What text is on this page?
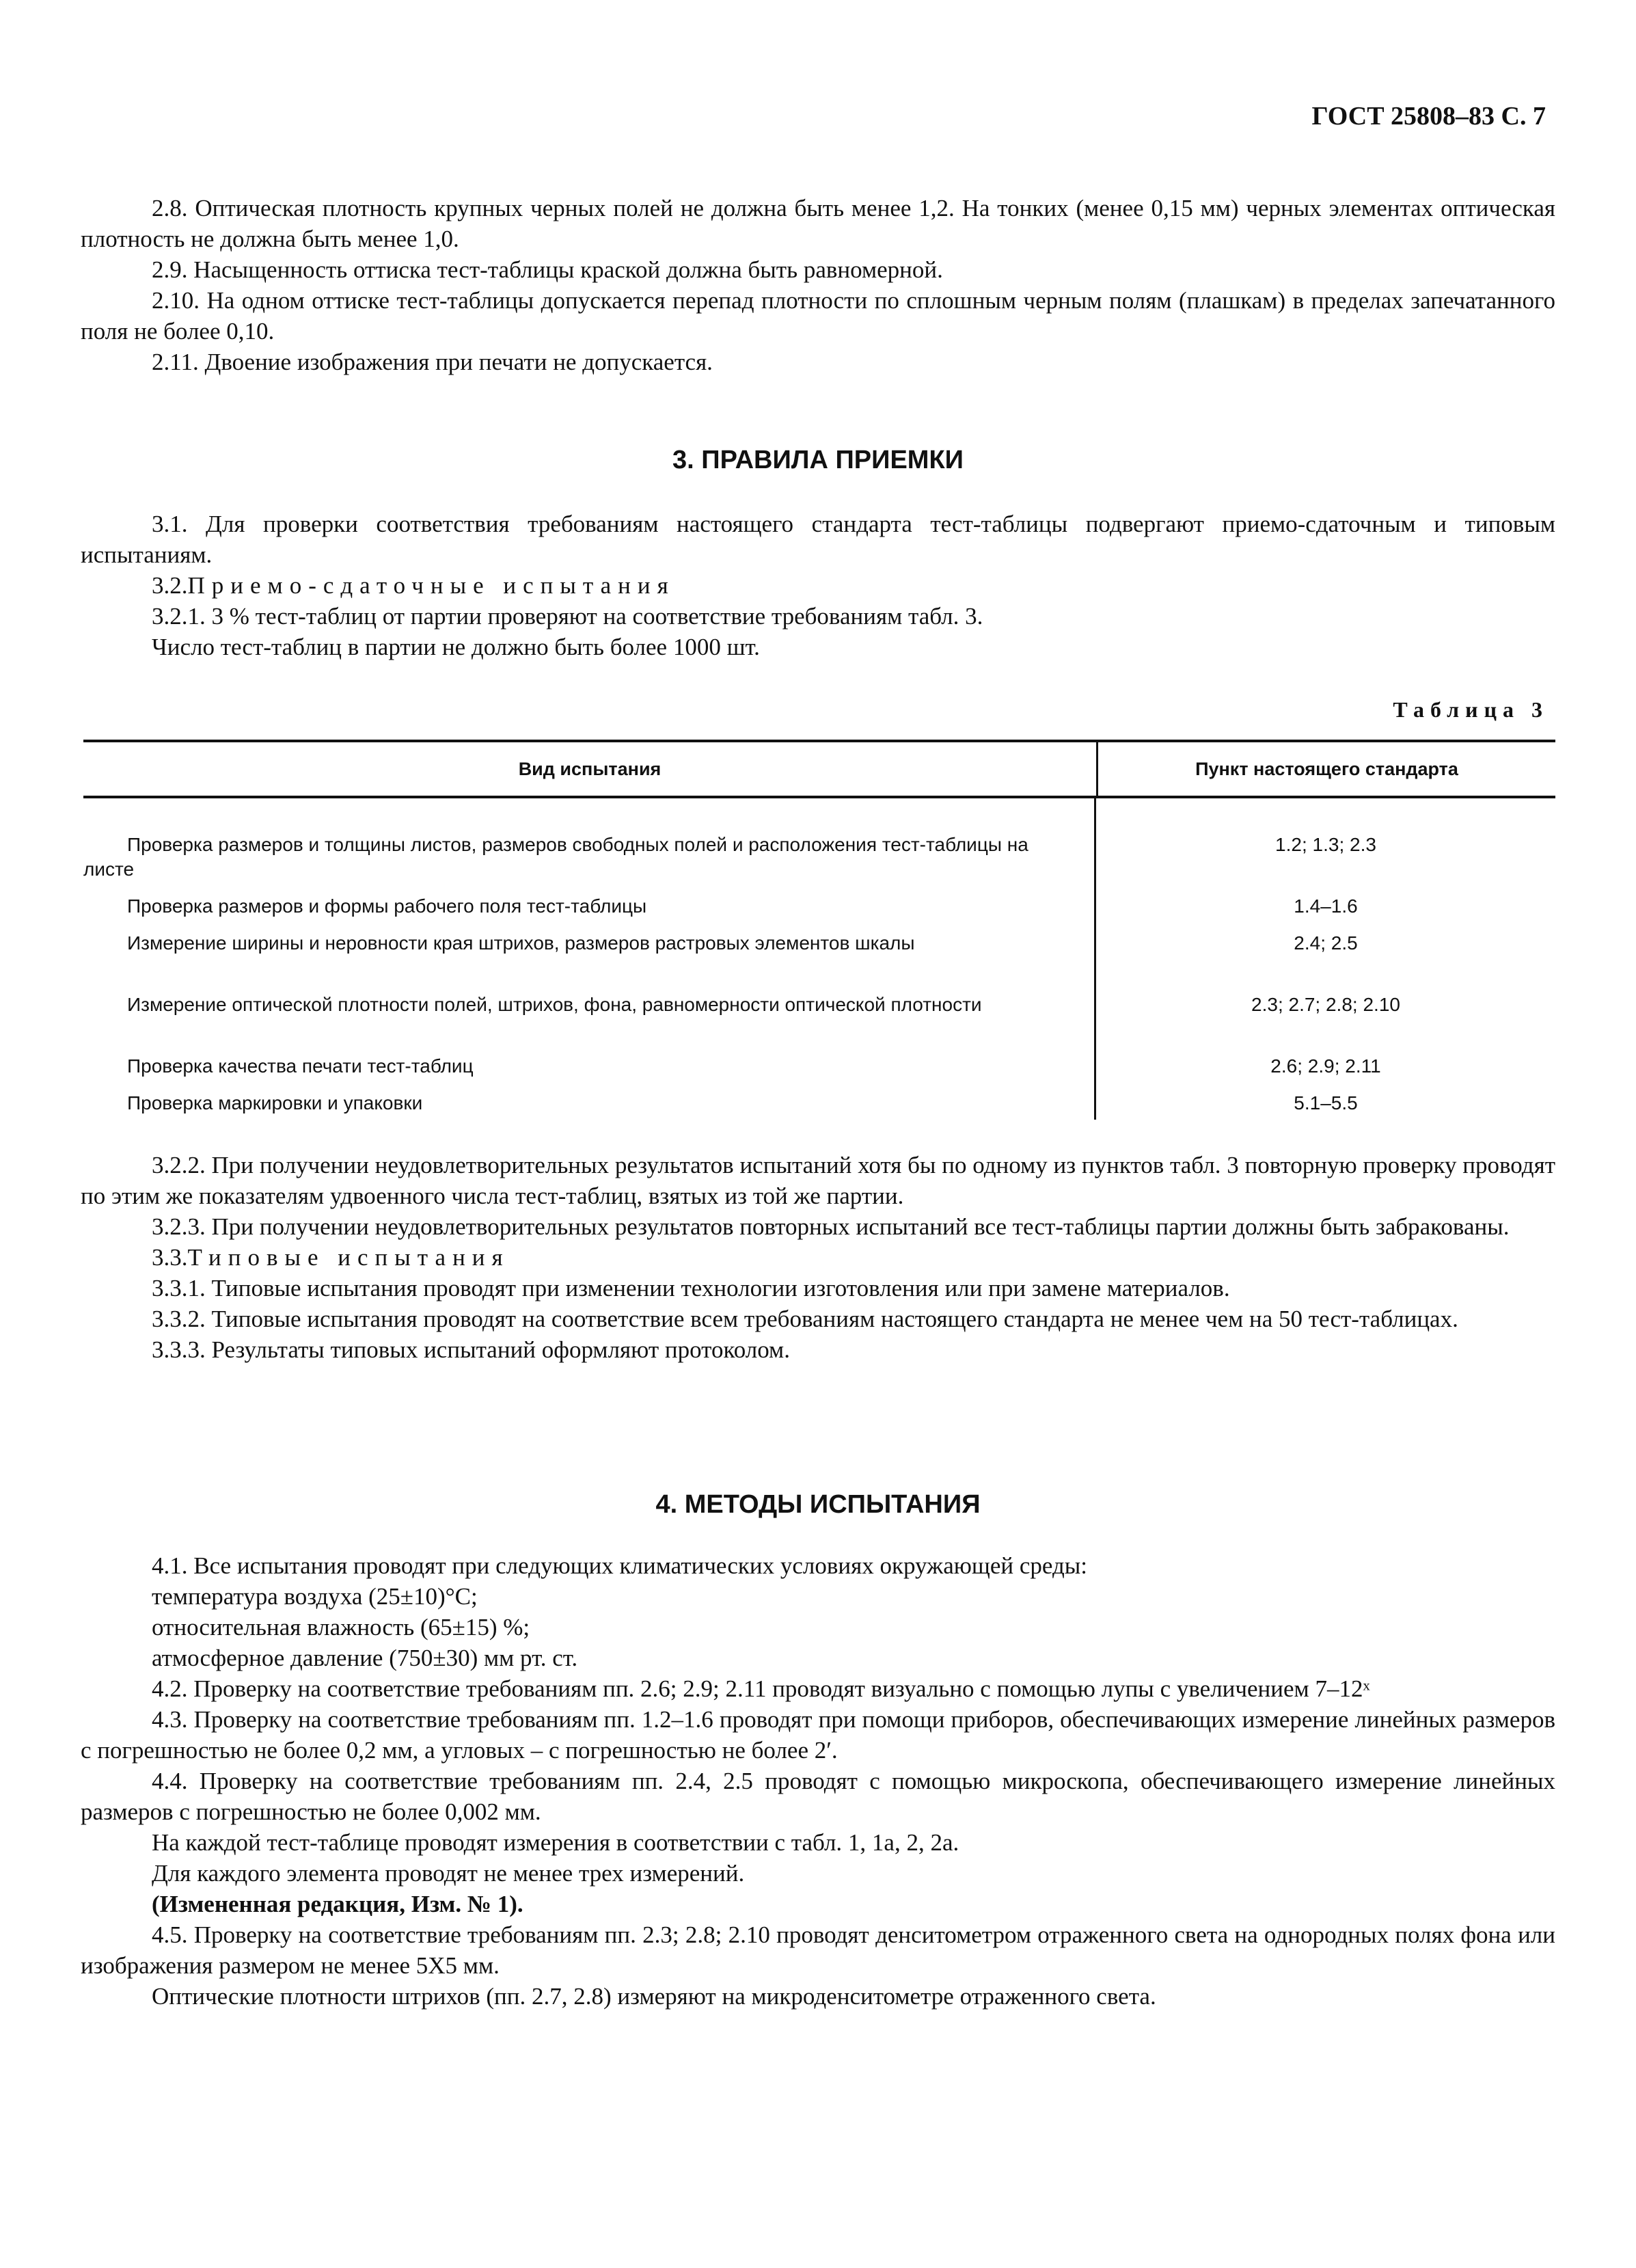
ГОСТ 25808–83 С. 7

2.8. Оптическая плотность крупных черных полей не должна быть менее 1,2. На тонких (менее 0,15 мм) черных элементах оптическая плотность не должна быть менее 1,0.

2.9. Насыщенность оттиска тест-таблицы краской должна быть равномерной.

2.10. На одном оттиске тест-таблицы допускается перепад плотности по сплошным черным полям (плашкам) в пределах запечатанного поля не более 0,10.

2.11. Двоение изображения при печати не допускается.

3. ПРАВИЛА ПРИЕМКИ

3.1. Для проверки соответствия требованиям настоящего стандарта тест-таблицы подвергают приемо-сдаточным и типовым испытаниям.

3.2.Приемо-сдаточные испытания

3.2.1. 3 % тест-таблиц от партии проверяют на соответствие требованиям табл. 3.

Число тест-таблиц в партии не должно быть более 1000 шт.

Таблица 3
Вид испытания	Пункт настоящего стандарта

Проверка размеров и толщины листов, размеров свободных полей и расположения тест-таблицы на листе

Проверка размеров и формы рабочего поля тест-таблицы

Измерение ширины и неровности края штрихов, размеров растровых элементов шкалы

Измерение оптической плотности полей, штрихов, фона, равномерности оптической плотности

Проверка качества печати тест-таблиц

Проверка маркировки и упаковки

1.2; 1.3; 2.3

1.4–1.6

2.4; 2.5

2.3; 2.7; 2.8; 2.10

2.6; 2.9; 2.11

5.1–5.5

3.2.2. При получении неудовлетворительных результатов испытаний хотя бы по одному из пунктов табл. 3 повторную проверку проводят по этим же показателям удвоенного числа тест-таблиц, взятых из той же партии.

3.2.3. При получении неудовлетворительных результатов повторных испытаний все тест-таблицы партии должны быть забракованы.

3.3.Типовые испытания

3.3.1. Типовые испытания проводят при изменении технологии изготовления или при замене материалов.

3.3.2. Типовые испытания проводят на соответствие всем требованиям настоящего стандарта не менее чем на 50 тест-таблицах.

3.3.3. Результаты типовых испытаний оформляют протоколом.

4. МЕТОДЫ ИСПЫТАНИЯ

4.1. Все испытания проводят при следующих климатических условиях окружающей среды:

температура воздуха (25±10)°С;

относительная влажность (65±15) %;

атмосферное давление (750±30) мм рт. ст.

4.2. Проверку на соответствие требованиям пп. 2.6; 2.9; 2.11 проводят визуально с помощью лупы с увеличением 7–12ˣ

4.3. Проверку на соответствие требованиям пп. 1.2–1.6 проводят при помощи приборов, обеспечивающих измерение линейных размеров с погрешностью не более 0,2 мм, а угловых – с погрешностью не более 2′.

4.4. Проверку на соответствие требованиям пп. 2.4, 2.5 проводят с помощью микроскопа, обеспечивающего измерение линейных размеров с погрешностью не более 0,002 мм.

На каждой тест-таблице проводят измерения в соответствии с табл. 1, 1а, 2, 2а.

Для каждого элемента проводят не менее трех измерений.

(Измененная редакция, Изм. № 1).

4.5. Проверку на соответствие требованиям пп. 2.3; 2.8; 2.10 проводят денситометром отраженного света на однородных полях фона или изображения размером не менее 5Х5 мм.

Оптические плотности штрихов (пп. 2.7, 2.8) измеряют на микроденситометре отраженного света.
